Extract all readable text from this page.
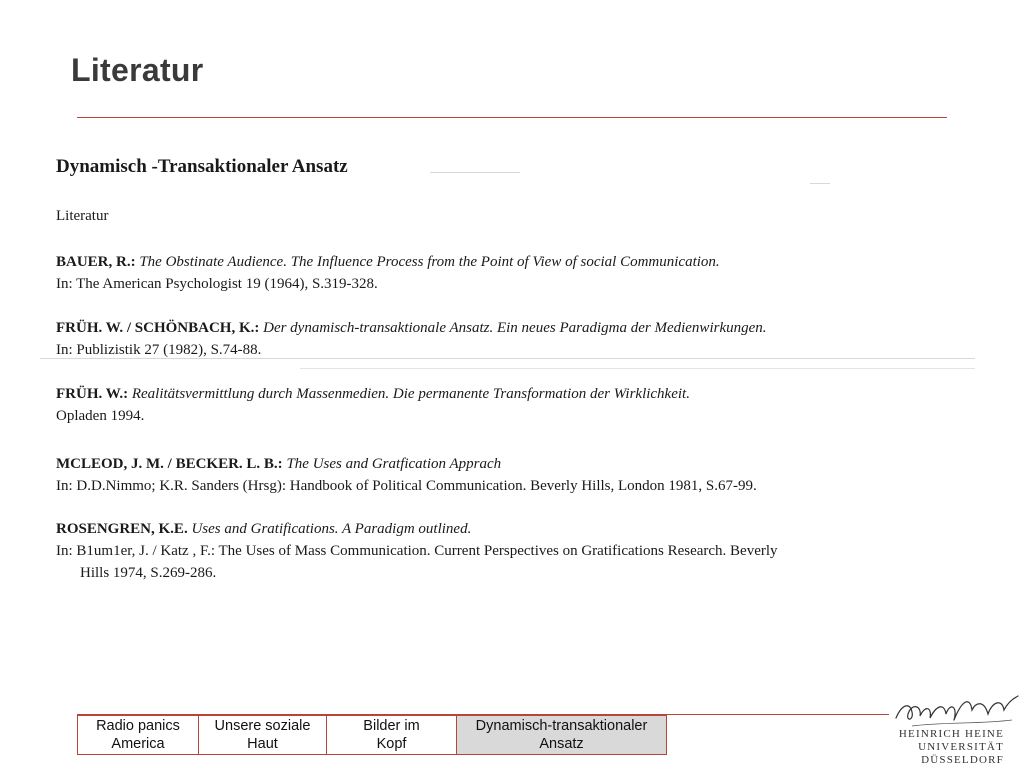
Literatur
Dynamisch -Transaktionaler Ansatz
Literatur
BAUER, R.: The Obstinate Audience. The Influence Process from the Point of View of social Communication.
In: The American Psychologist 19 (1964), S.319-328.
FRÜH. W. / SCHÖNBACH, K.: Der dynamisch-transaktionale Ansatz. Ein neues Paradigma der Medienwirkungen.
In: Publizistik 27 (1982), S.74-88.
FRÜH. W.: Realitätsvermittlung durch Massenmedien. Die permanente Transformation der Wirklichkeit.
Opladen 1994.
MCLEOD, J. M. / BECKER. L. B.: The Uses and Gratfication Apprach
In: D.D.Nimmo; K.R. Sanders (Hrsg): Handbook of Political Communication. Beverly Hills, London 1981, S.67-99.
ROSENGREN, K.E. Uses and Gratifications. A Paradigm outlined.
In: B1um1er, J. / Katz , F.: The Uses of Mass Communication. Current Perspectives on Gratifications Research. Beverly
Hills 1974, S.269-286.
Radio panics America
Unsere soziale Haut
Bilder im Kopf
Dynamisch-transaktionaler Ansatz
HEINRICH HEINE
UNIVERSITÄT
DÜSSELDORF
